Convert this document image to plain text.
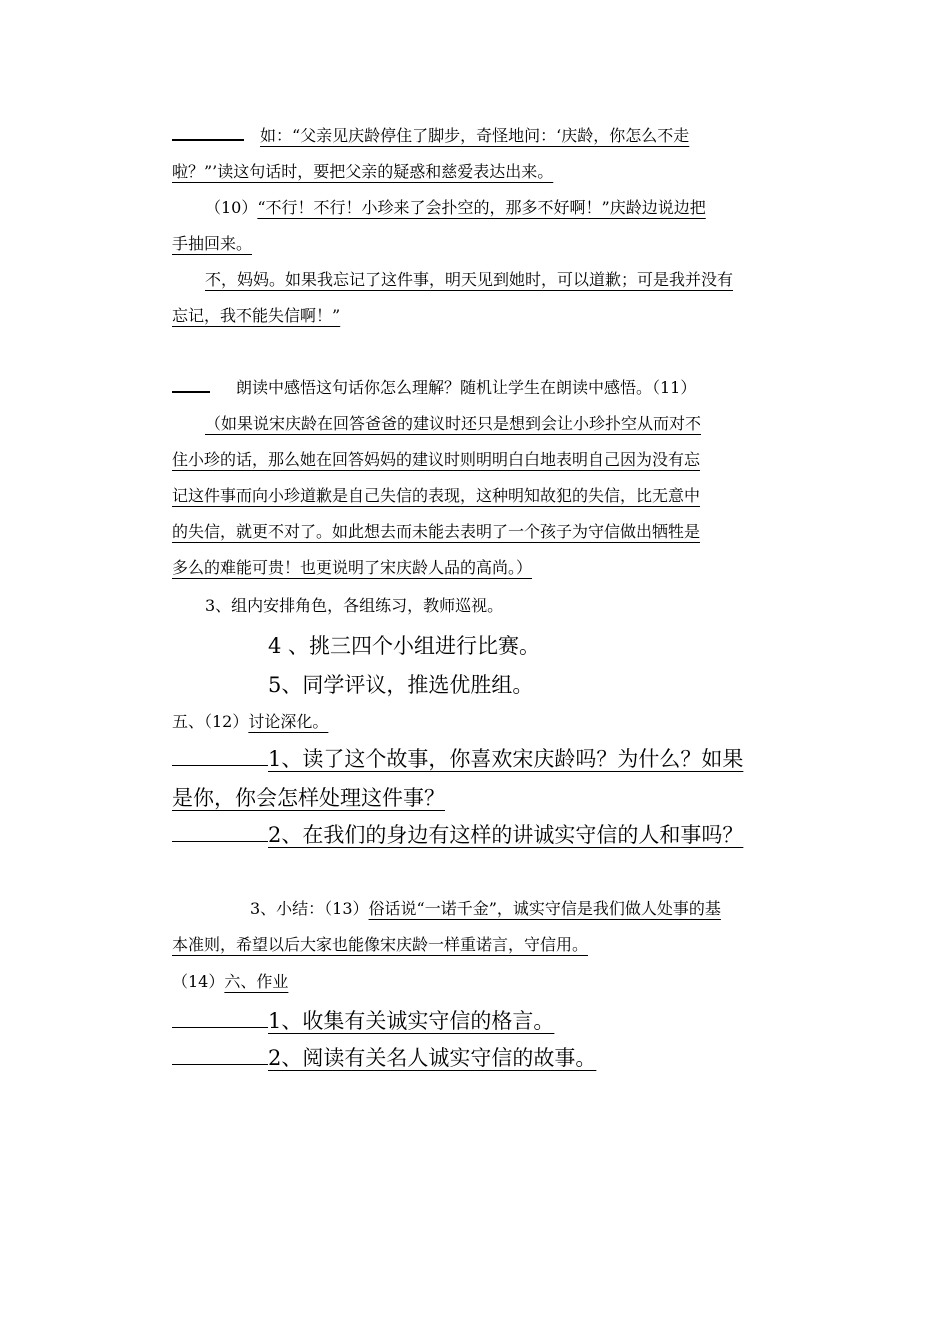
如：“父亲见庆龄停住了脚步，奇怪地问：‘庆龄，你怎么不走
啦？”’读这句话时，要把父亲的疑惑和慈爱表达出来。
（10）“不行！不行！小珍来了会扑空的，那多不好啊！”庆龄边说边把
手抽回来。
不，妈妈。如果我忘记了这件事，明天见到她时，可以道歉；可是我并没有
忘记，我不能失信啊！”
朗读中感悟这句话你怎么理解？随机让学生在朗读中感悟。（11）
（如果说宋庆龄在回答爸爸的建议时还只是想到会让小珍扑空从而对不
住小珍的话，那么她在回答妈妈的建议时则明明白白地表明自己因为没有忘
记这件事而向小珍道歉是自己失信的表现，这种明知故犯的失信，比无意中
的失信，就更不对了。如此想去而未能去表明了一个孩子为守信做出牺牲是
多么的难能可贵！也更说明了宋庆龄人品的高尚。）
3、组内安排角色，各组练习，教师巡视。
4 、挑三四个小组进行比赛。
5、同学评议，推选优胜组。
五、（12）讨论深化。
1、读了这个故事，你喜欢宋庆龄吗？为什么？如果
是你，你会怎样处理这件事？
2、在我们的身边有这样的讲诚实守信的人和事吗？
3、小结：（13）俗话说“一诺千金”，诚实守信是我们做人处事的基
本准则，希望以后大家也能像宋庆龄一样重诺言，守信用。
（14）六、作业
1、收集有关诚实守信的格言。
2、阅读有关名人诚实守信的故事。
